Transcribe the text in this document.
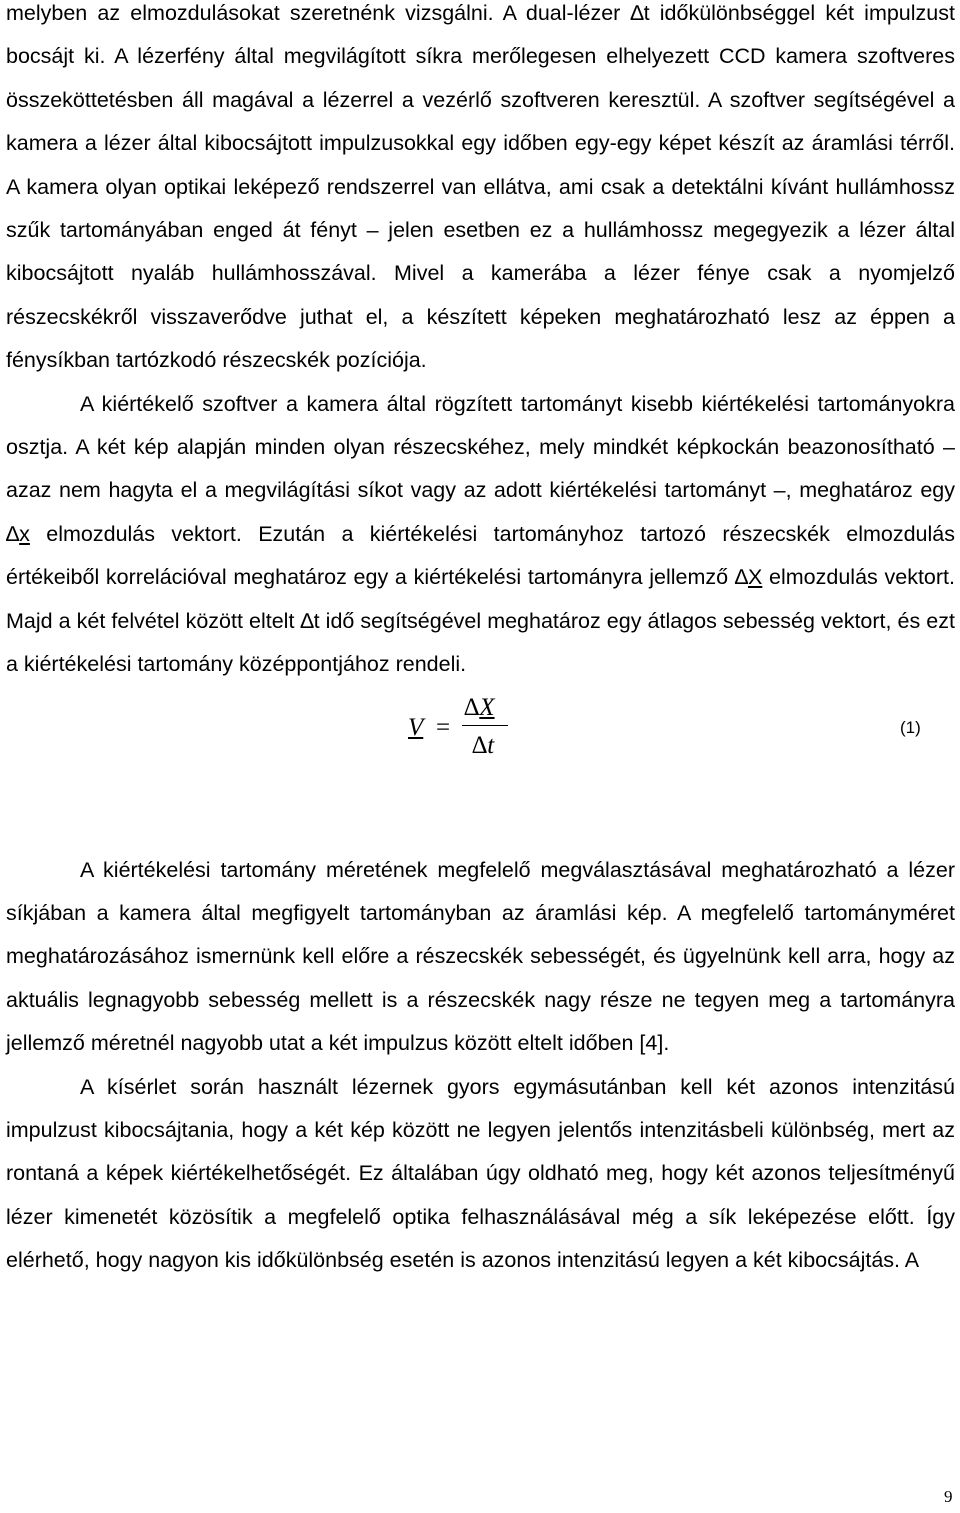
melyben az elmozdulásokat szeretnénk vizsgálni. A dual-lézer ∆t időkülönbséggel két impulzust bocsájt ki. A lézerfény által megvilágított síkra merőlegesen elhelyezett CCD kamera szoftveres összeköttetésben áll magával a lézerrel a vezérlő szoftveren keresztül. A szoftver segítségével a kamera a lézer által kibocsájtott impulzusokkal egy időben egy-egy képet készít az áramlási térről. A kamera olyan optikai leképező rendszerrel van ellátva, ami csak a detektálni kívánt hullámhossz szűk tartományában enged át fényt – jelen esetben ez a hullámhossz megegyezik a lézer által kibocsájtott nyaláb hullámhosszával. Mivel a kamerába a lézer fénye csak a nyomjelző részecskékről visszaverődve juthat el, a készített képeken meghatározható lesz az éppen a fénysíkban tartózkodó részecskék pozíciója.

A kiértékelő szoftver a kamera által rögzített tartományt kisebb kiértékelési tartományokra osztja. A két kép alapján minden olyan részecskéhez, mely mindkét képkockán beazonosítható – azaz nem hagyta el a megvilágítási síkot vagy az adott kiértékelési tartományt –, meghatároz egy ∆x elmozdulás vektort. Ezután a kiértékelési tartományhoz tartozó részecskék elmozdulás értékeiből korrelációval meghatároz egy a kiértékelési tartományra jellemző ∆X elmozdulás vektort. Majd a két felvétel között eltelt ∆t idő segítségével meghatároz egy átlagos sebesség vektort, és ezt a kiértékelési tartomány középpontjához rendeli.

V =
∆X
∆t
(1)

A kiértékelési tartomány méretének megfelelő megválasztásával meghatározható a lézer síkjában a kamera által megfigyelt tartományban az áramlási kép. A megfelelő tartományméret meghatározásához ismernünk kell előre a részecskék sebességét, és ügyelnünk kell arra, hogy az aktuális legnagyobb sebesség mellett is a részecskék nagy része ne tegyen meg a tartományra jellemző méretnél nagyobb utat a két impulzus között eltelt időben [4].

A kísérlet során használt lézernek gyors egymásutánban kell két azonos intenzitású impulzust kibocsájtania, hogy a két kép között ne legyen jelentős intenzitásbeli különbség, mert az rontaná a képek kiértékelhetőségét. Ez általában úgy oldható meg, hogy két azonos teljesítményű lézer kimenetét közösítik a megfelelő optika felhasználásával még a sík leképezése előtt. Így elérhető, hogy nagyon kis időkülönbség esetén is azonos intenzitású legyen a két kibocsájtás. A

9
